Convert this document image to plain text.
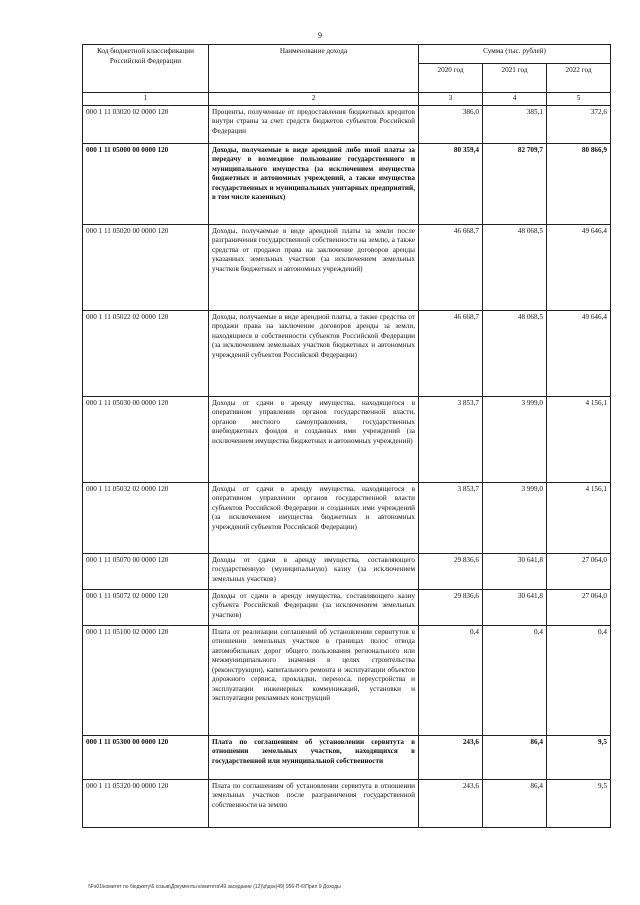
9
Код бюджетной классификации Российской Федерации	Наименование дохода	Сумма (тыс. рублей)		
		2020 год	2021 год	2022 год
1	2	3	4	5
000 1 11 03020 02 0000 120	Проценты, полученные от предоставления бюджетных кредитов внутри страны за счет средств бюджетов субъектов Российской Федерации	386,0	385,1	372,6
000 1 11 05000 00 0000 120	Доходы, получаемые в виде арендной либо иной платы за передачу в возмездное пользование государственного и муниципального имущества (за исключением имущества бюджетных и автономных учреждений, а также имущества государственных и муниципальных унитарных предприятий, в том числе казенных)	80 359,4	82 709,7	80 866,9
000 1 11 05020 00 0000 120	Доходы, получаемые в виде арендной платы за земли после разграничения государственной собственности на землю, а также средства от продажи права на заключение договоров аренды указанных земельных участков (за исключением земельных участков бюджетных и автономных учреждений)	46 668,7	48 068,5	49 646,4
000 1 11 05022 02 0000 120	Доходы, получаемые в виде арендной платы, а также средства от продажи права на заключение договоров аренды за земли, находящиеся в собственности субъектов Российской Федерации (за исключением земельных участков бюджетных и автономных учреждений субъектов Российской Федерации)	46 668,7	48 068,5	49 646,4
000 1 11 05030 00 0000 120	Доходы от сдачи в аренду имущества, находящегося в оперативном управлении органов государственной власти, органов местного самоуправления, государственных внебюджетных фондов и созданных ими учреждений (за исключением имущества бюджетных и автономных учреждений)	3 853,7	3 999,0	4 156,1
000 1 11 05032 02 0000 120	Доходы от сдачи в аренду имущества, находящегося в оперативном управлении органов государственной власти субъектов Российской Федерации и созданных ими учреждений (за исключением имущества бюджетных и автономных учреждений субъектов Российской Федерации)	3 853,7	3 999,0	4 156,1
000 1 11 05070 00 0000 120	Доходы от сдачи в аренду имущества, составляющего государственную (муниципальную) казну (за исключением земельных участков)	29 836,6	30 641,8	27 064,0
000 1 11 05072 02 0000 120	Доходы от сдачи в аренду имущества, составляющего казну субъекта Российской Федерации (за исключением земельных участков)	29 836,6	30 641,8	27 064,0
000 1 11 05100 02 0000 120	Плата от реализации соглашений об установлении сервитутов в отношении земельных участков в границах полос отвода автомобильных дорог общего пользования регионального или межмуниципального значения в целях строительства (реконструкции), капитального ремонта и эксплуатации объектов дорожного сервиса, прокладки, переноса, переустройства и эксплуатации инженерных коммуникаций, установки и эксплуатации рекламных конструкций	0,4	0,4	0,4
000 1 11 05300 00 0000 120	Плата по соглашениям об установлении сервитута в отношении земельных участков, находящихся в государственной или муниципальной собственности	243,6	86,4	9,5
000 1 11 05320 00 0000 120	Плата по соглашениям об установлении сервитута в отношении земельных участков после разграничения государственной собственности на землю	243,6	86,4	9,5
\\Fs01\комитет по бюджету\6 созыв\Документы комитета\49 заседание (12)\р\док(49) 956-П-6\Прил 9 Доходы
